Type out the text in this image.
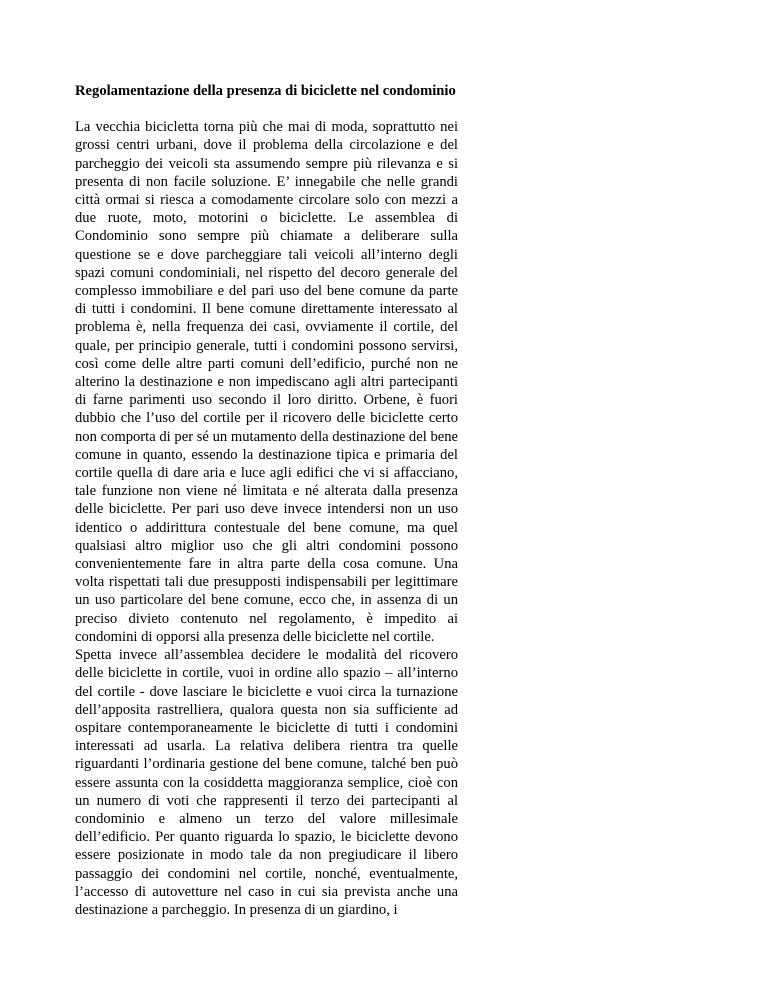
Regolamentazione della presenza di biciclette nel condominio

La vecchia bicicletta torna più che mai di moda, soprattutto nei grossi centri urbani, dove il problema della circolazione e del parcheggio dei veicoli sta assumendo sempre più rilevanza e si presenta di non facile soluzione. E’ innegabile che nelle grandi città ormai si riesca a comodamente circolare solo con mezzi a due ruote, moto, motorini o biciclette. Le assemblea di Condominio sono sempre più chiamate a deliberare sulla questione se e dove parcheggiare tali veicoli all’interno degli spazi comuni condominiali, nel rispetto del decoro generale del complesso immobiliare e del pari uso del bene comune da parte di tutti i condomini. Il bene comune direttamente interessato al problema è, nella frequenza dei casi, ovviamente il cortile, del quale, per principio generale, tutti i condomini possono servirsi, così come delle altre parti comuni dell’edificio, purché non ne alterino la destinazione e non impediscano agli altri partecipanti di farne parimenti uso secondo il loro diritto. Orbene, è fuori dubbio che l’uso del cortile per il ricovero delle biciclette certo non comporta di per sé un mutamento della destinazione del bene comune in quanto, essendo la destinazione tipica e primaria del cortile quella di dare aria e luce agli edifici che vi si affacciano, tale funzione non viene né limitata e né alterata dalla presenza delle biciclette. Per pari uso deve invece intendersi non un uso identico o addirittura contestuale del bene comune, ma quel qualsiasi altro miglior uso che gli altri condomini possono convenientemente fare in altra parte della cosa comune. Una volta rispettati tali due presupposti indispensabili per legittimare un uso particolare del bene comune, ecco che, in assenza di un preciso divieto contenuto nel regolamento, è impedito ai condomini di opporsi alla presenza delle biciclette nel cortile.

Spetta invece all’assemblea decidere le modalità del ricovero delle biciclette in cortile, vuoi in ordine allo spazio – all’interno del cortile - dove lasciare le biciclette e vuoi circa la turnazione dell’apposita rastrelliera, qualora questa non sia sufficiente ad ospitare contemporaneamente le biciclette di tutti i condomini interessati ad usarla. La relativa delibera rientra tra quelle riguardanti l’ordinaria gestione del bene comune, talché ben può essere assunta con la cosiddetta maggioranza semplice, cioè con un numero di voti che rappresenti il terzo dei partecipanti al condominio e almeno un terzo del valore millesimale dell’edificio. Per quanto riguarda lo spazio, le biciclette devono essere posizionate in modo tale da non pregiudicare il libero passaggio dei condomini nel cortile, nonché, eventualmente, l’accesso di autovetture nel caso in cui sia prevista anche una destinazione a parcheggio. In presenza di un giardino, i
